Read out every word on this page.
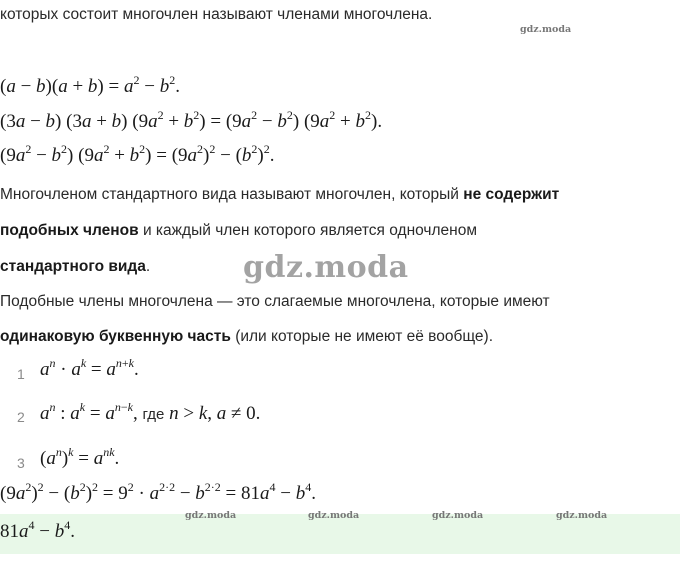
которых состоит многочлен называют членами многочлена.
gdz.moda
$(a - b)(a + b) = a^2 - b^2$.
(3a − b) (3a + b) $(9a^2 + b^2) = (9a^2 - b^2) (9a^2 + b^2)$.
$(9a^2 - b^2) (9a^2 + b^2) = (9a^2)^2 - (b^2)^2$.
Многочленом стандартного вида называют многочлен, который не содержит
подобных членов и каждый член которого является одночленом
стандартного вида.	gdz.moda
Подобные члены многочлена — это слагаемые многочлена, которые имеют
одинаковую буквенную часть (или которые не имеют её вообще).
1 $a^n \cdot a^k = a^{n+k}$.
2 $a^n$ : $a^k = a^{n-k}$, где n > k, a ≠ 0.
3 $(a^n)^k = a^{nk}$.
$(9a^2)^2 - (b^2)^2 = 9^2 \cdot a^{2\cdot 2} - b^{2\cdot 2} = 81a^4 - b^4$.
gdz.moda	gdz.moda	gdz.moda	gdz.moda
$81a^4 - b^4$.
